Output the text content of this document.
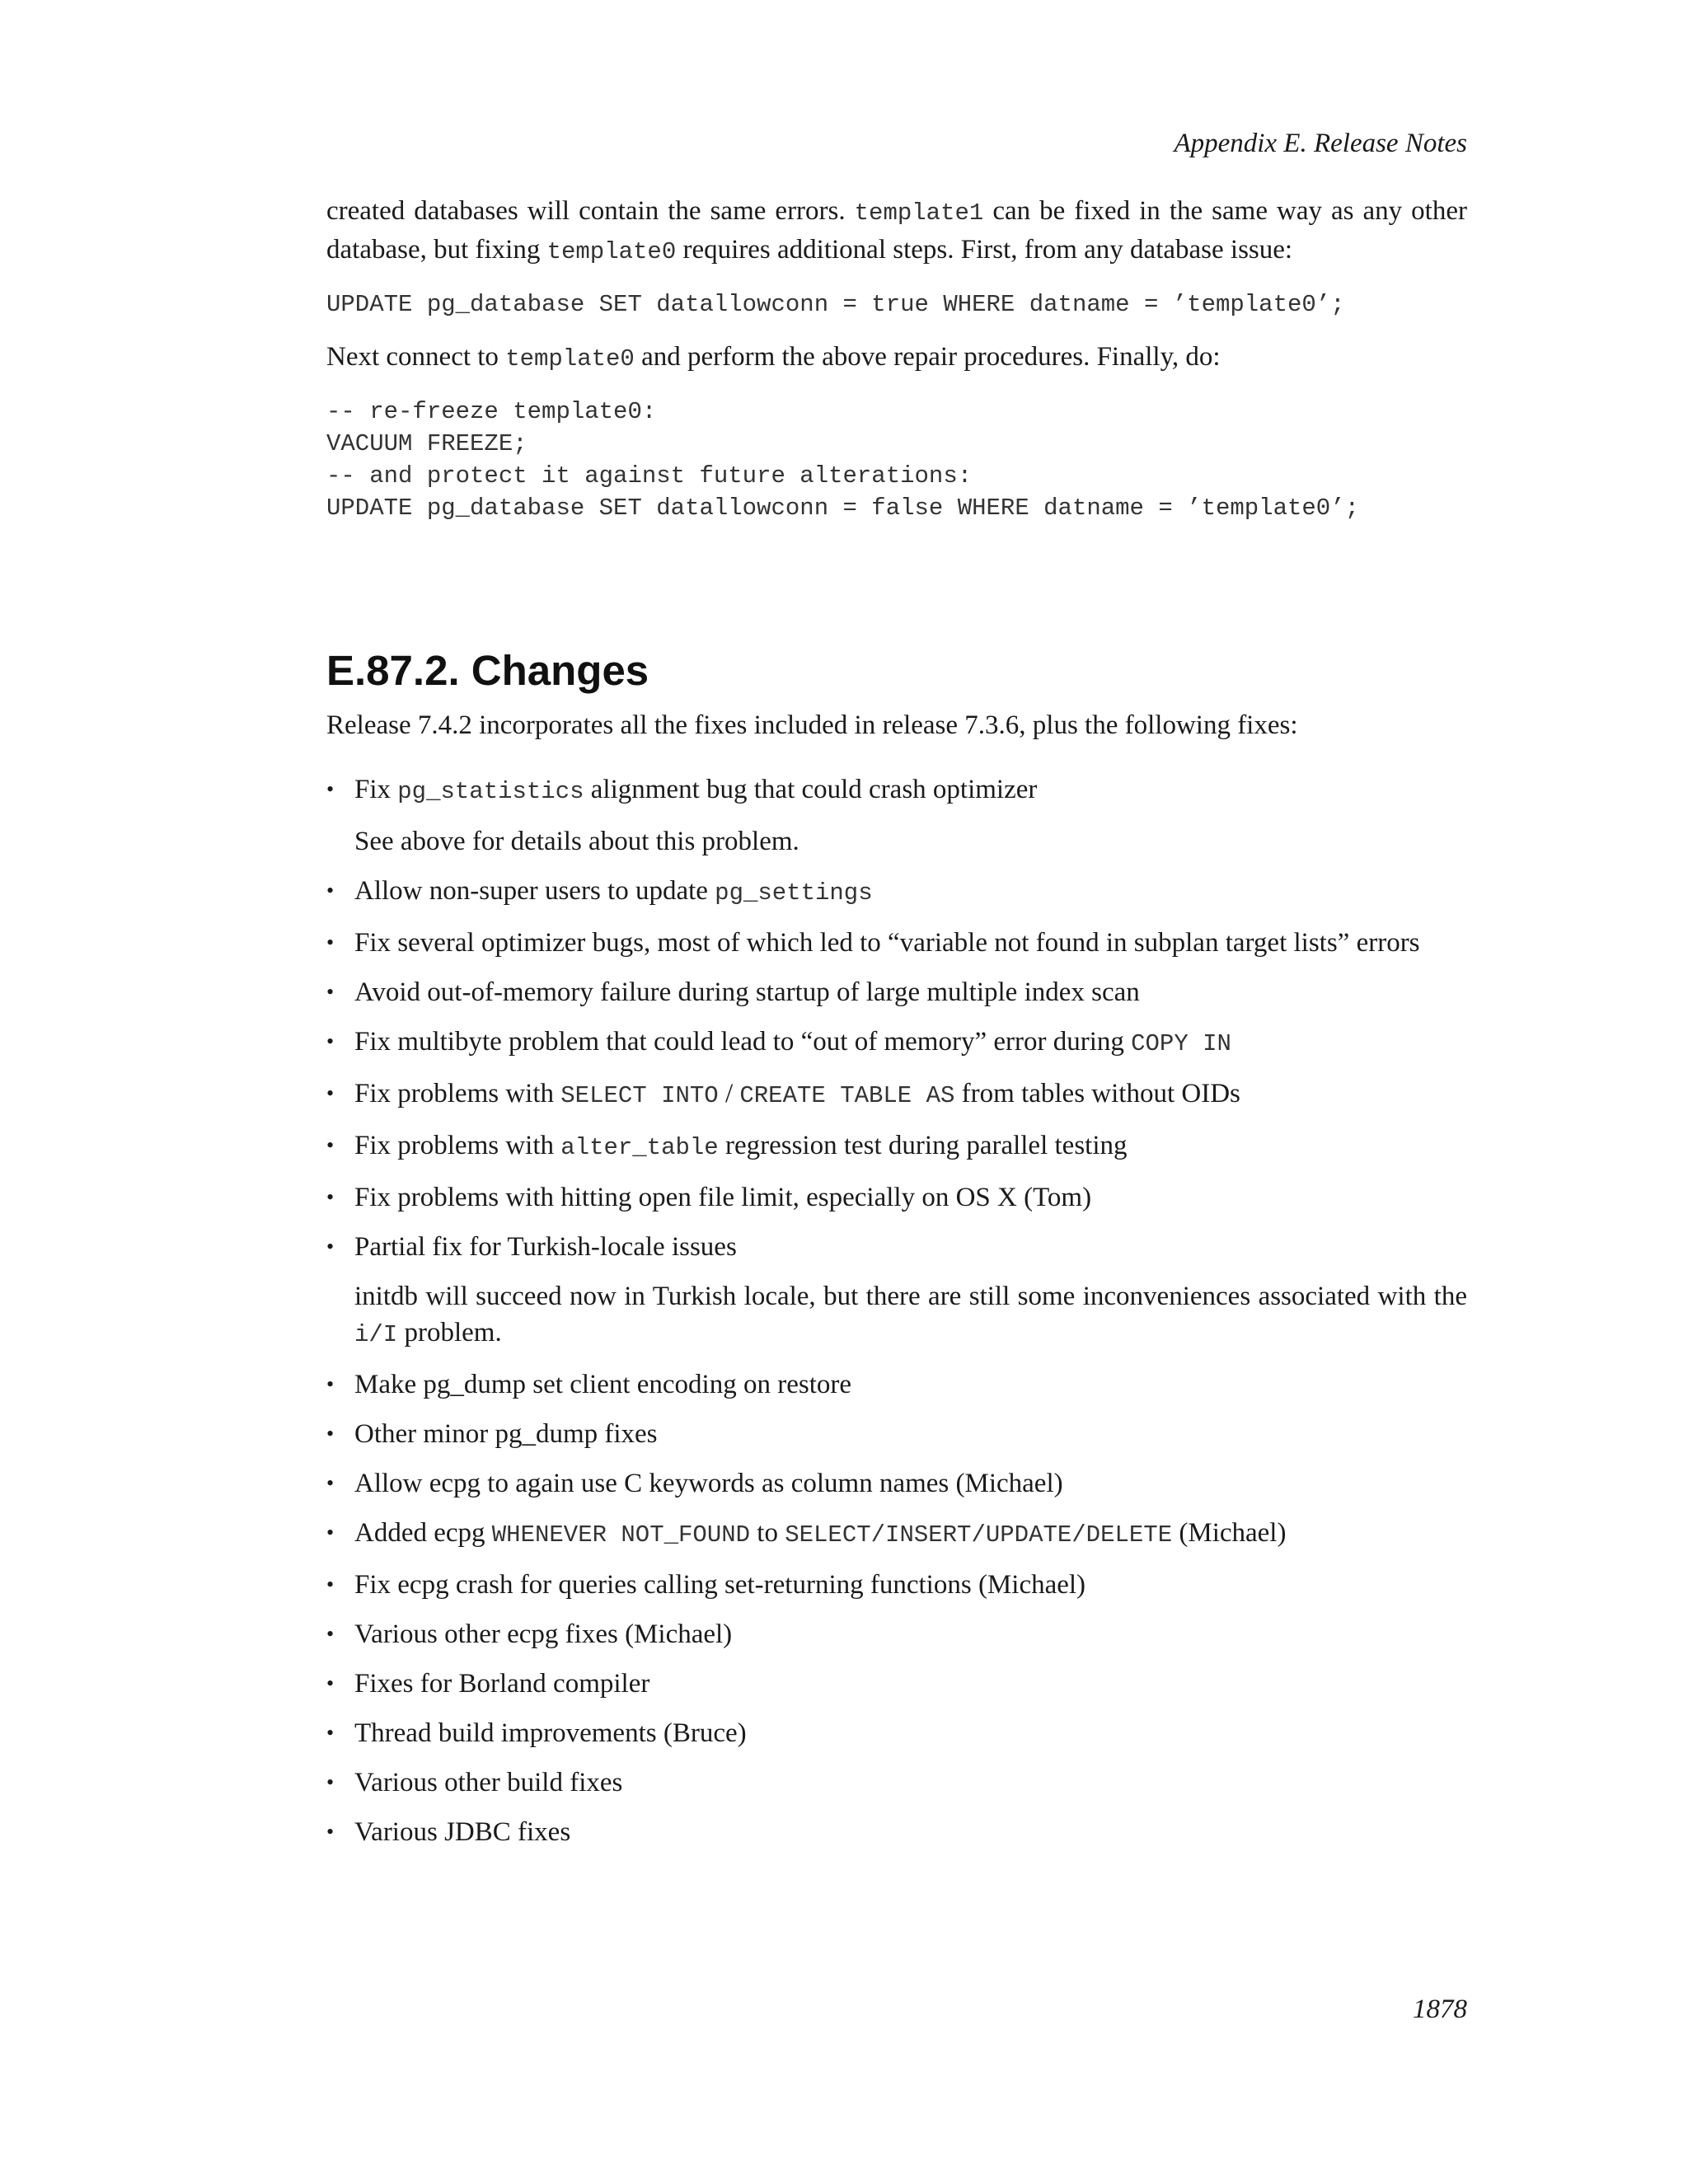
Appendix E. Release Notes

created databases will contain the same errors. template1 can be fixed in the same way as any other database, but fixing template0 requires additional steps. First, from any database issue:

UPDATE pg_database SET datallowconn = true WHERE datname = ’template0’;

Next connect to template0 and perform the above repair procedures. Finally, do:

-- re-freeze template0:
VACUUM FREEZE;
-- and protect it against future alterations:
UPDATE pg_database SET datallowconn = false WHERE datname = ’template0’;
E.87.2. Changes

Release 7.4.2 incorporates all the fixes included in release 7.3.6, plus the following fixes:

• Fix pg_statistics alignment bug that could crash optimizer

See above for details about this problem.

• Allow non-super users to update pg_settings
• Fix several optimizer bugs, most of which led to “variable not found in subplan target lists” errors
• Avoid out-of-memory failure during startup of large multiple index scan
• Fix multibyte problem that could lead to “out of memory” error during COPY IN
• Fix problems with SELECT INTO / CREATE TABLE AS from tables without OIDs
• Fix problems with alter_table regression test during parallel testing
• Fix problems with hitting open file limit, especially on OS X (Tom)
• Partial fix for Turkish-locale issues

initdb will succeed now in Turkish locale, but there are still some inconveniences associated with the i/I problem.

• Make pg_dump set client encoding on restore
• Other minor pg_dump fixes
• Allow ecpg to again use C keywords as column names (Michael)
• Added ecpg WHENEVER NOT_FOUND to SELECT/INSERT/UPDATE/DELETE (Michael)
• Fix ecpg crash for queries calling set-returning functions (Michael)
• Various other ecpg fixes (Michael)
• Fixes for Borland compiler
• Thread build improvements (Bruce)
• Various other build fixes
• Various JDBC fixes
1878
